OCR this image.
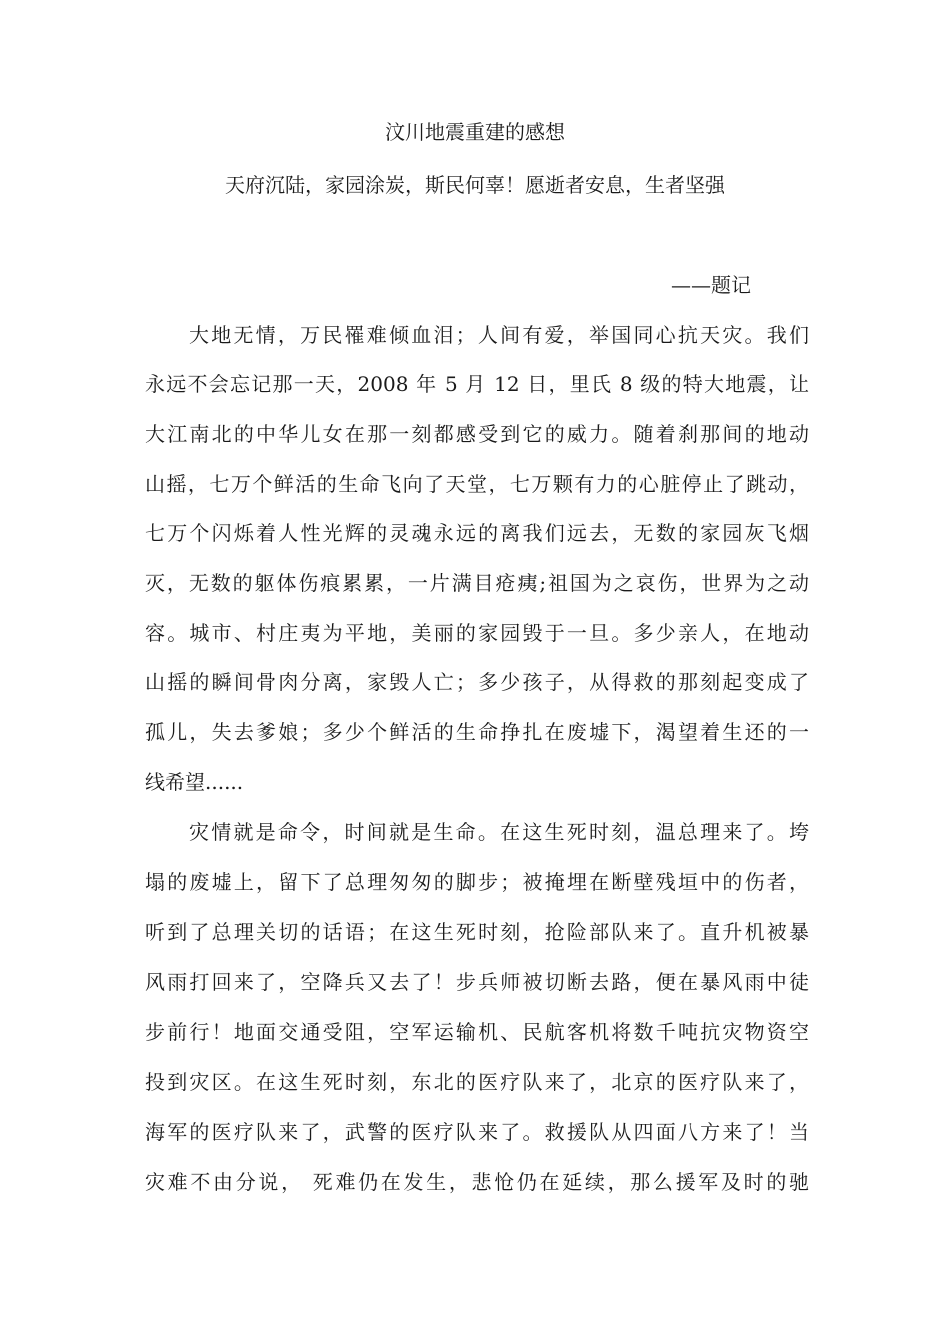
汶川地震重建的感想

天府沉陆，家园涂炭，斯民何辜！愿逝者安息，生者坚强

——题记

大地无情，万民罹难倾血泪；人间有爱，举国同心抗天灾。我们
永远不会忘记那一天，2008 年 5 月 12 日，里氏 8 级的特大地震，让
大江南北的中华儿女在那一刻都感受到它的威力。随着刹那间的地动
山摇，七万个鲜活的生命飞向了天堂，七万颗有力的心脏停止了跳动，
七万个闪烁着人性光辉的灵魂永远的离我们远去，无数的家园灰飞烟
灭，无数的躯体伤痕累累，一片满目疮痍;祖国为之哀伤，世界为之动
容。城市、村庄夷为平地，美丽的家园毁于一旦。多少亲人，在地动
山摇的瞬间骨肉分离，家毁人亡；多少孩子，从得救的那刻起变成了
孤儿，失去爹娘；多少个鲜活的生命挣扎在废墟下，渴望着生还的一
线希望......
灾情就是命令，时间就是生命。在这生死时刻，温总理来了。垮
塌的废墟上，留下了总理匆匆的脚步；被掩埋在断壁残垣中的伤者，
听到了总理关切的话语；在这生死时刻，抢险部队来了。直升机被暴
风雨打回来了，空降兵又去了！步兵师被切断去路，便在暴风雨中徒
步前行！地面交通受阻，空军运输机、民航客机将数千吨抗灾物资空
投到灾区。在这生死时刻，东北的医疗队来了，北京的医疗队来了，
海军的医疗队来了，武警的医疗队来了。救援队从四面八方来了！当
灾难不由分说， 死难仍在发生，悲怆仍在延续，那么援军及时的驰
